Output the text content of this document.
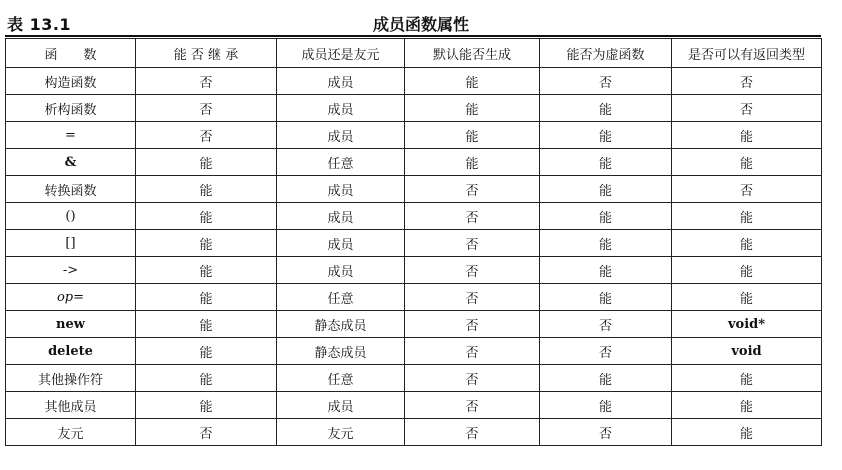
表 13.1	成员函数属性
函　　数	能 否 继 承	成员还是友元	默认能否生成	能否为虚函数	是否可以有返回类型
构造函数	否	成员	能	否	否
析构函数	否	成员	能	能	否
=	否	成员	能	能	能
&	能	任意	能	能	能
转换函数	能	成员	否	能	否
()	能	成员	否	能	能
[]	能	成员	否	能	能
->	能	成员	否	能	能
op=	能	任意	否	能	能
new	能	静态成员	否	否	void*
delete	能	静态成员	否	否	void
其他操作符	能	任意	否	能	能
其他成员	能	成员	否	能	能
友元	否	友元	否	否	能
